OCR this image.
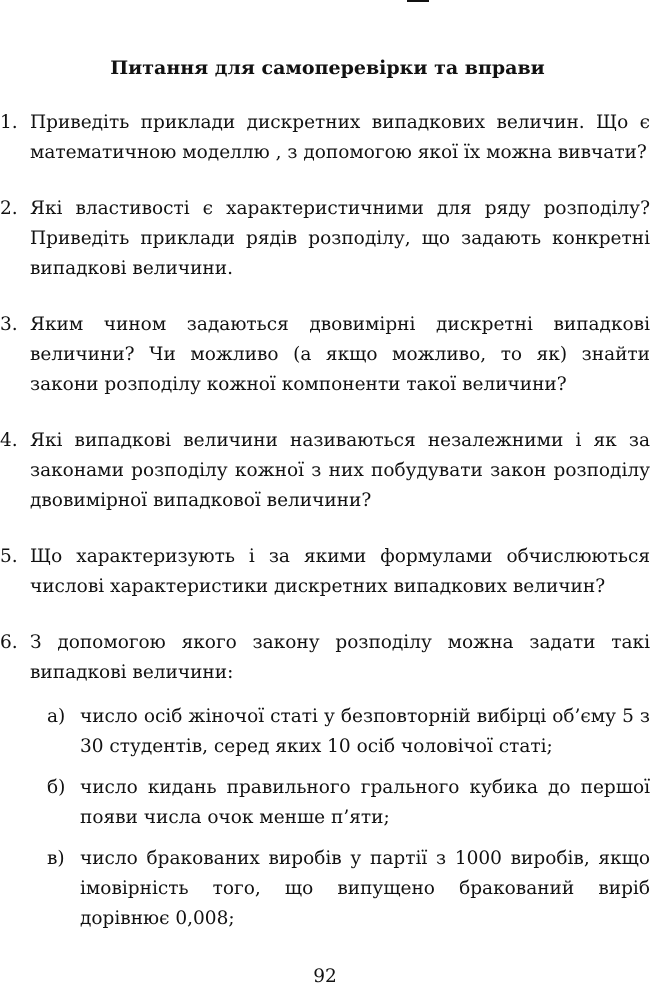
Питання для самоперевірки та вправи
1. Приведіть приклади дискретних випадкових величин. Що є математичною моделлю , з допомогою якої їх можна вивчати?
2. Які властивості є характеристичними для ряду розподілу? Приведіть приклади рядів розподілу, що задають конкретні випадкові величини.
3. Яким чином задаються двовимірні дискретні випадкові величини? Чи можливо (а якщо можливо, то як) знайти закони розподілу кожної компоненти такої величини?
4. Які випадкові величини називаються незалежними і як за законами розподілу кожної з них побудувати закон розподілу двовимірної випадкової величини?
5. Що характеризують і за якими формулами обчислюються числові характеристики дискретних випадкових величин?
6. З допомогою якого закону розподілу можна задати такі випадкові величини:
а) число осіб жіночої статі у безповторній вибірці об’єму 5 з 30 студентів, серед яких 10 осіб чоловічої статі;
б) число кидань правильного грального кубика до першої появи числа очок менше п’яти;
в) число бракованих виробів у партії з 1000 виробів, якщо імовірність того, що випущено бракований виріб дорівнює 0,008;
92
